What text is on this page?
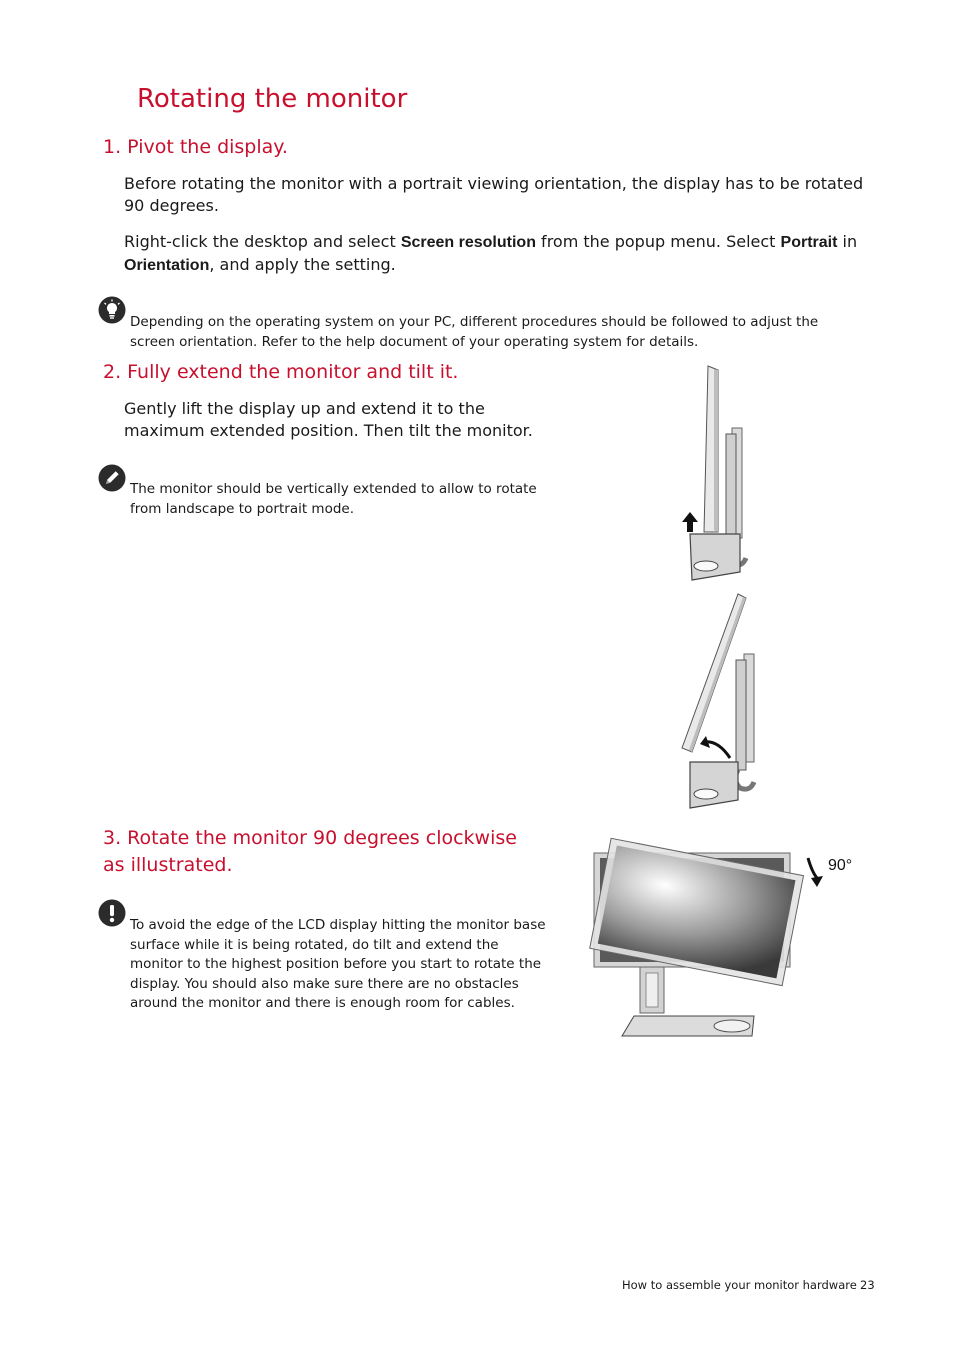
Rotating the monitor
1. Pivot the display.

Before rotating the monitor with a portrait viewing orientation, the display has to be rotated 90 degrees.

Right-click the desktop and select Screen resolution from the popup menu. Select Portrait in Orientation, and apply the setting.

Depending on the operating system on your PC, different procedures should be followed to adjust the screen orientation. Refer to the help document of your operating system for details.

2. Fully extend the monitor and tilt it.

Gently lift the display up and extend it to the maximum extended position. Then tilt the monitor.

The monitor should be vertically extended to allow to rotate from landscape to portrait mode.

3. Rotate the monitor 90 degrees clockwise as illustrated.

To avoid the edge of the LCD display hitting the monitor base surface while it is being rotated, do tilt and extend the monitor to the highest position before you start to rotate the display. You should also make sure there are no obstacles around the monitor and there is enough room for cables.

90°
How to assemble your monitor hardware 23
